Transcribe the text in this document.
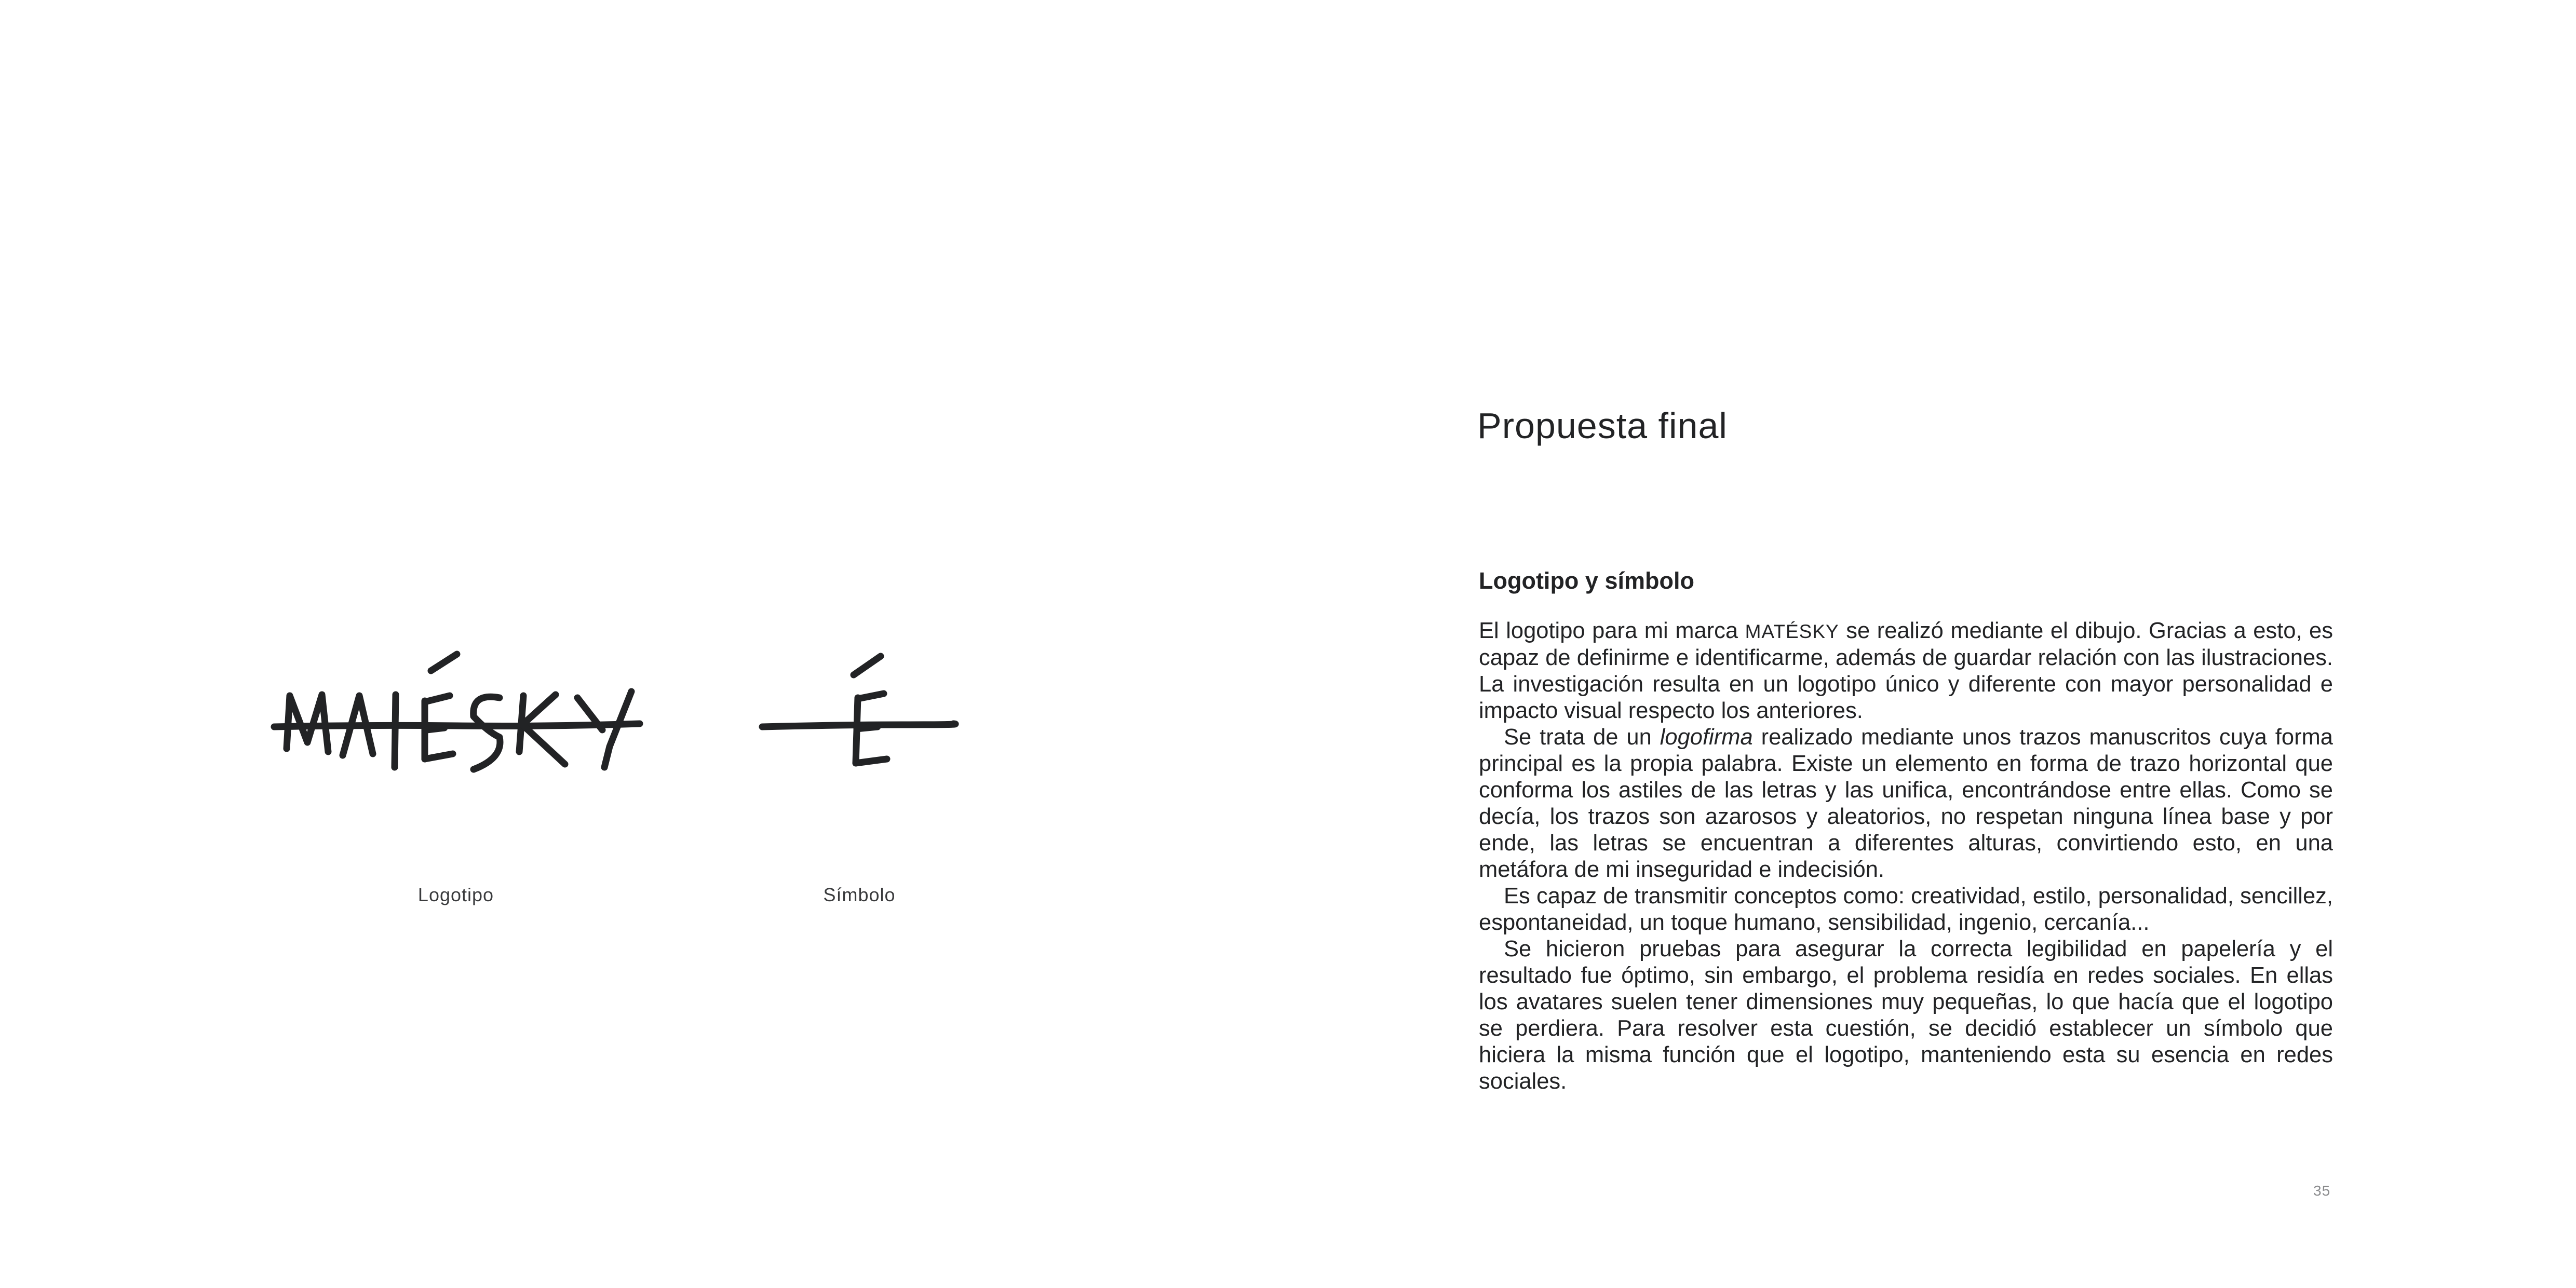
Logotipo	Símbolo
Propuesta final
Logotipo y símbolo

El logotipo para mi marca MATÉSKY se realizó mediante el dibujo. Gracias a esto, es capaz de definirme e identificarme, además de guardar relación con las ilustraciones. La investigación resulta en un logotipo único y diferente con mayor personalidad e impacto visual respecto los anteriores.

Se trata de un logofirma realizado mediante unos trazos manuscritos cuya forma principal es la propia palabra. Existe un elemento en forma de trazo horizontal que conforma los astiles de las letras y las unifica, encontrándose entre ellas. Como se decía, los trazos son azarosos y aleatorios, no respetan ninguna línea base y por ende, las letras se encuentran a diferentes alturas, convirtiendo esto, en una metáfora de mi inseguridad e indecisión.

Es capaz de transmitir conceptos como: creatividad, estilo, personalidad, sencillez, espontaneidad, un toque humano, sensibilidad, ingenio, cercanía...

Se hicieron pruebas para asegurar la correcta legibilidad en papelería y el resultado fue óptimo, sin embargo, el problema residía en redes sociales. En ellas los avatares suelen tener dimensiones muy pequeñas, lo que hacía que el logotipo se perdiera. Para resolver esta cuestión, se decidió establecer un símbolo que hiciera la misma función que el logotipo, manteniendo esta su esencia en redes sociales.

35
